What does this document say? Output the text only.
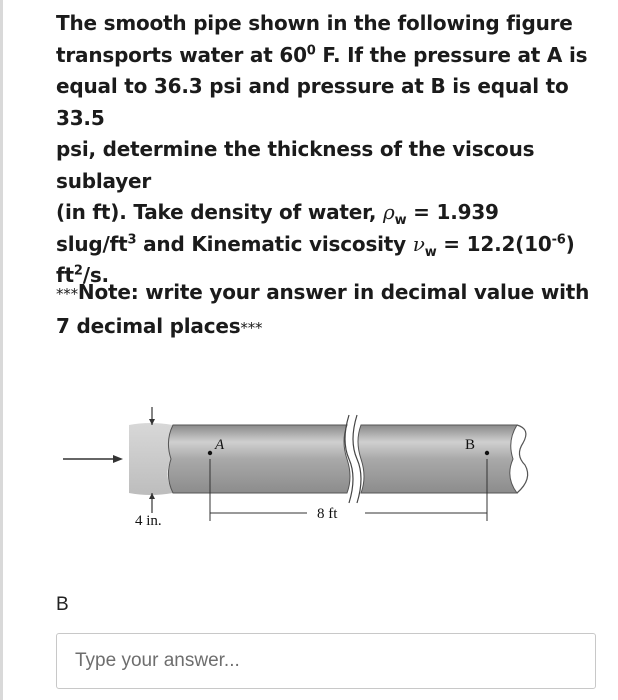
The smooth pipe shown in the following figure
transports water at $60^0$ F. If the pressure at A is
equal to 36.3 psi and pressure at B is equal to 33.5
psi, determine the thickness of the viscous sublayer
(in ft). Take density of water, $\rho_w = 1.939$
slug/$ft^3$ and Kinematic viscosity $\nu_w = 12.2(10^{-6})$
$ft^2/s$.

***Note: write your answer in decimal value with 7 decimal places***
4 in.
A	B
8 ft
B
Type your answer...
